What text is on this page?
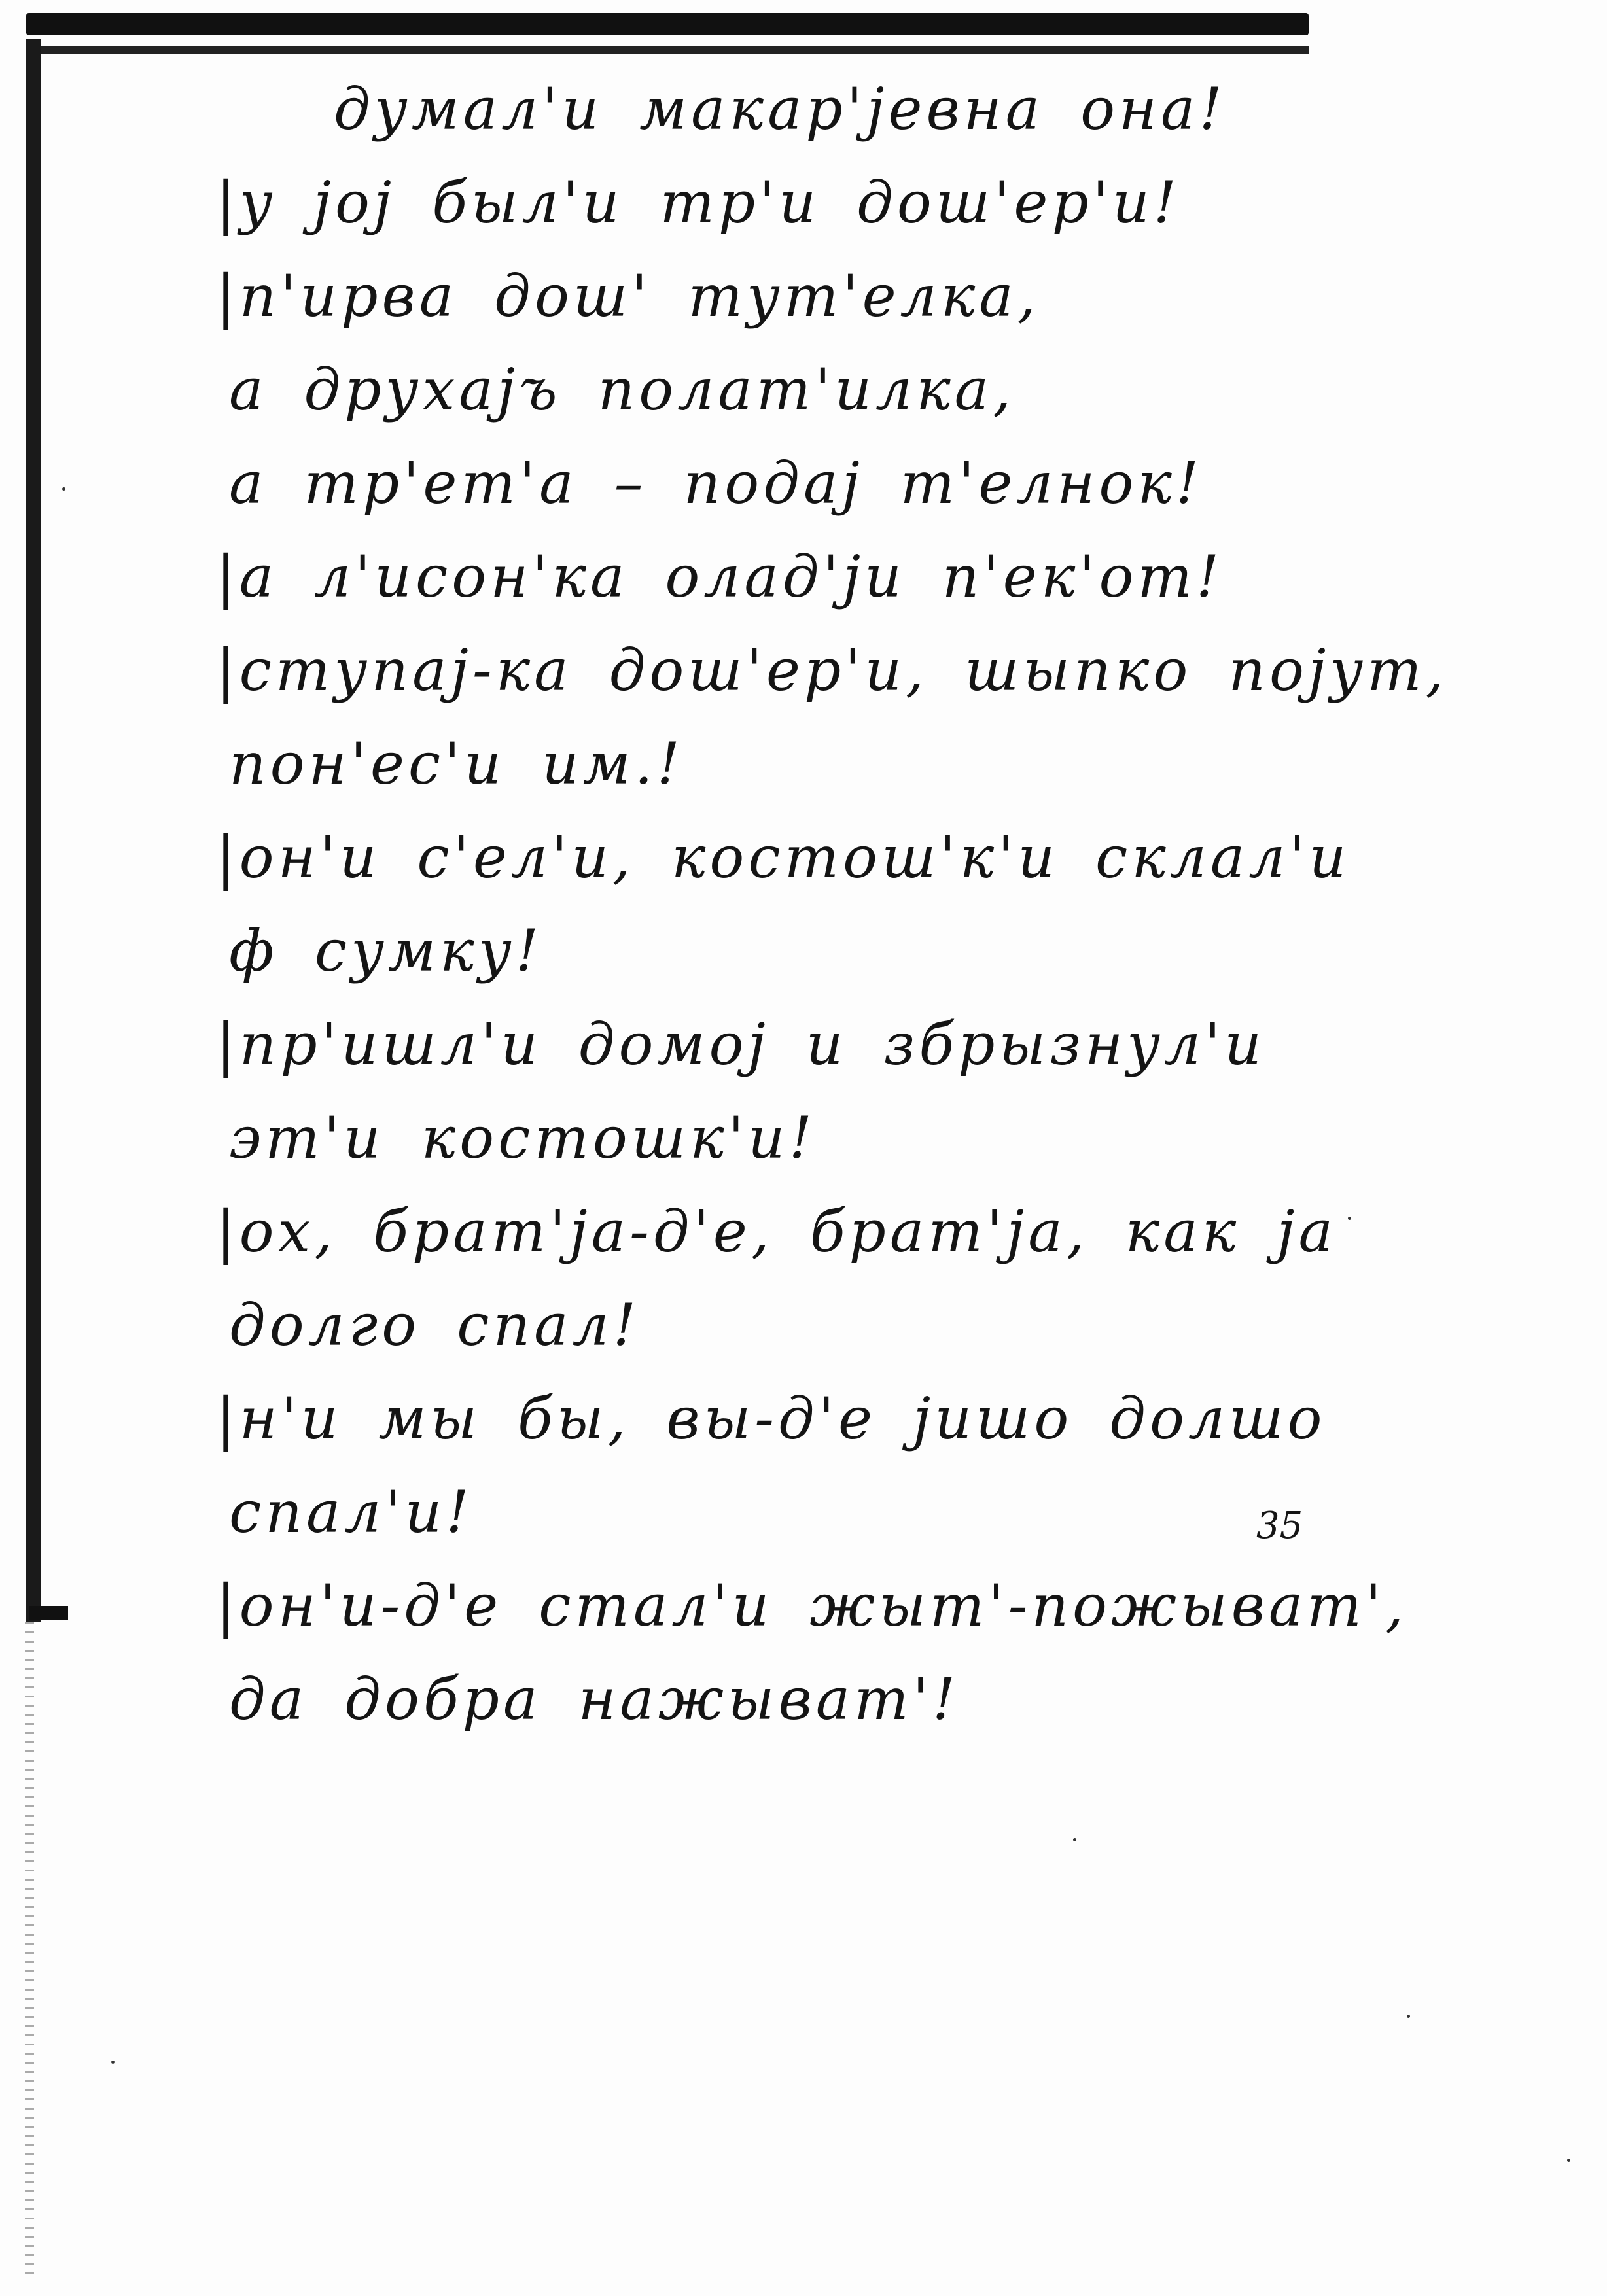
думал'и макар'јевна она!
|у јој был'и тр'и дош'ер'и!
|п'ирва дош' тут'елка,
а друхајъ полат'илка,
а тр'ет'а – подај т'елнок!
|а л'исон'ка олад'ји п'ек'от!
|ступај-ка дош'ер'и, шыпко појут,
пон'ес'и им.!
|он'и с'ел'и, костош'к'и склал'и
ф сумку!
|пр'ишл'и домој и збрызнул'и
эт'и костошк'и!
|ох, брат'ја-д'е, брат'ја, как ја
долго спал!
|н'и мы бы, вы-д'е јишо долшо
спал'и!
|он'и-д'е стал'и жыт'-пожыват',
да добра нажыват'!
35
